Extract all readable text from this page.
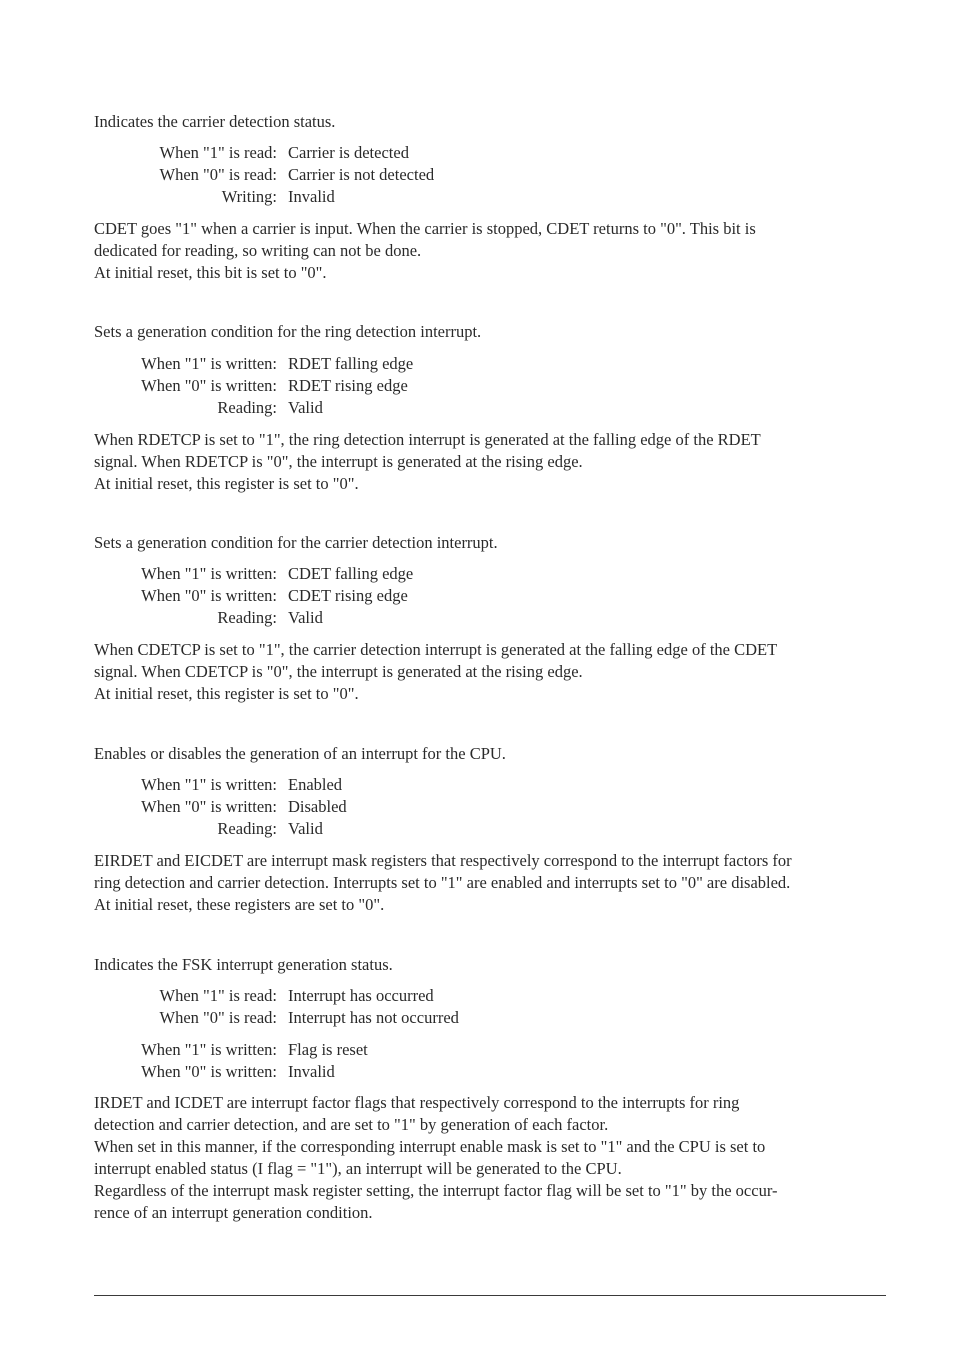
Indicates the carrier detection status.

When "1" is read: Carrier is detected
When "0" is read: Carrier is not detected
Writing: Invalid

CDET goes "1" when a carrier is input. When the carrier is stopped, CDET returns to "0". This bit is

dedicated for reading, so writing can not be done.

At initial reset, this bit is set to "0".

Sets a generation condition for the ring detection interrupt.

When "1" is written: RDET falling edge
When "0" is written: RDET rising edge
Reading: Valid

When RDETCP is set to "1", the ring detection interrupt is generated at the falling edge of the RDET

signal. When RDETCP is "0", the interrupt is generated at the rising edge.

At initial reset, this register is set to "0".

Sets a generation condition for the carrier detection interrupt.

When "1" is written: CDET falling edge
When "0" is written: CDET rising edge
Reading: Valid

When CDETCP is set to "1", the carrier detection interrupt is generated at the falling edge of the CDET

signal. When CDETCP is "0", the interrupt is generated at the rising edge.

At initial reset, this register is set to "0".

Enables or disables the generation of an interrupt for the CPU.

When "1" is written: Enabled
When "0" is written: Disabled
Reading: Valid

EIRDET and EICDET are interrupt mask registers that respectively correspond to the interrupt factors for

ring detection and carrier detection. Interrupts set to "1" are enabled and interrupts set to "0" are disabled.

At initial reset, these registers are set to "0".

Indicates the FSK interrupt generation status.

When "1" is read: Interrupt has occurred
When "0" is read: Interrupt has not occurred
When "1" is written: Flag is reset
When "0" is written: Invalid

IRDET and ICDET are interrupt factor flags that respectively correspond to the interrupts for ring

detection and carrier detection, and are set to "1" by generation of each factor.

When set in this manner, if the corresponding interrupt enable mask is set to "1" and the CPU is set to

interrupt enabled status (I flag = "1"), an interrupt will be generated to the CPU.

Regardless of the interrupt mask register setting, the interrupt factor flag will be set to "1" by the occur-

rence of an interrupt generation condition.
